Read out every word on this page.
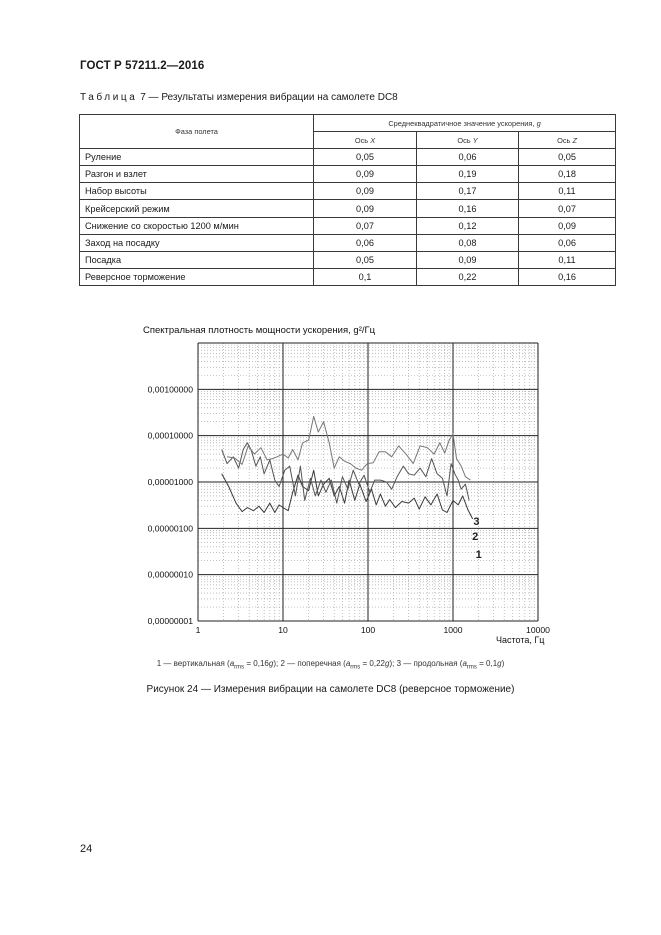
ГОСТ Р 57211.2—2016
Таблица 7 — Результаты измерения вибрации на самолете DC8
Фаза полета	Среднеквадратичное значение ускорения, g		
	Ось X	Ось Y	Ось Z
Руление	0,05	0,06	0,05
Разгон и взлет	0,09	0,19	0,18
Набор высоты	0,09	0,17	0,11
Крейсерский режим	0,09	0,16	0,07
Снижение со скоростью 1200 м/мин	0,07	0,12	0,09
Заход на посадку	0,06	0,08	0,06
Посадка	0,05	0,09	0,11
Реверсное торможение	0,1	0,22	0,16
Спектральная плотность мощности ускорения, g²/Гц
1	10	100	1000	10000
0,00000001
0,00000010
0,00000100
0,00001000
0,00010000
0,00100000
Частота, Гц
1
2
3
1 — вертикальная $(a_{rms} = 0,16g)$; 2 — поперечная $(a_{rms} = 0,22g)$; 3 — продольная $(a_{rms} = 0,1g)$
Рисунок 24 — Измерения вибрации на самолете DC8 (реверсное торможение)
24
